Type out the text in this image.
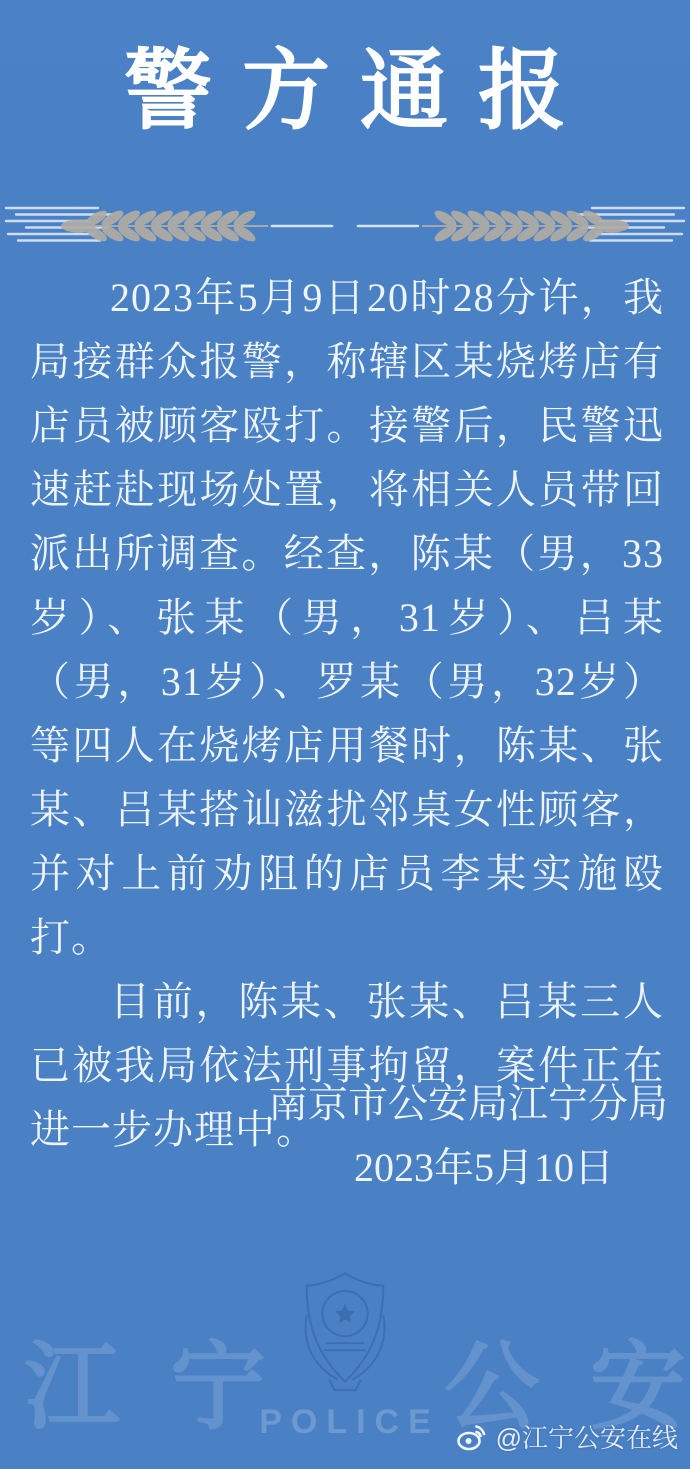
警方通报

2023年5月9日20时28分许，我局接群众报警，称辖区某烧烤店有店员被顾客殴打。接警后，民警迅速赶赴现场处置，将相关人员带回派出所调查。经查，陈某（男，33岁）、张某（男，31岁）、吕某（男，31岁）、罗某（男，32岁）等四人在烧烤店用餐时，陈某、张某、吕某搭讪滋扰邻桌女性顾客，并对上前劝阻的店员李某实施殴打。

目前，陈某、张某、吕某三人已被我局依法刑事拘留，案件正在进一步办理中。

南京市公安局江宁分局
2023年5月10日
江 宁 公 安
POLICE @江宁公安在线
